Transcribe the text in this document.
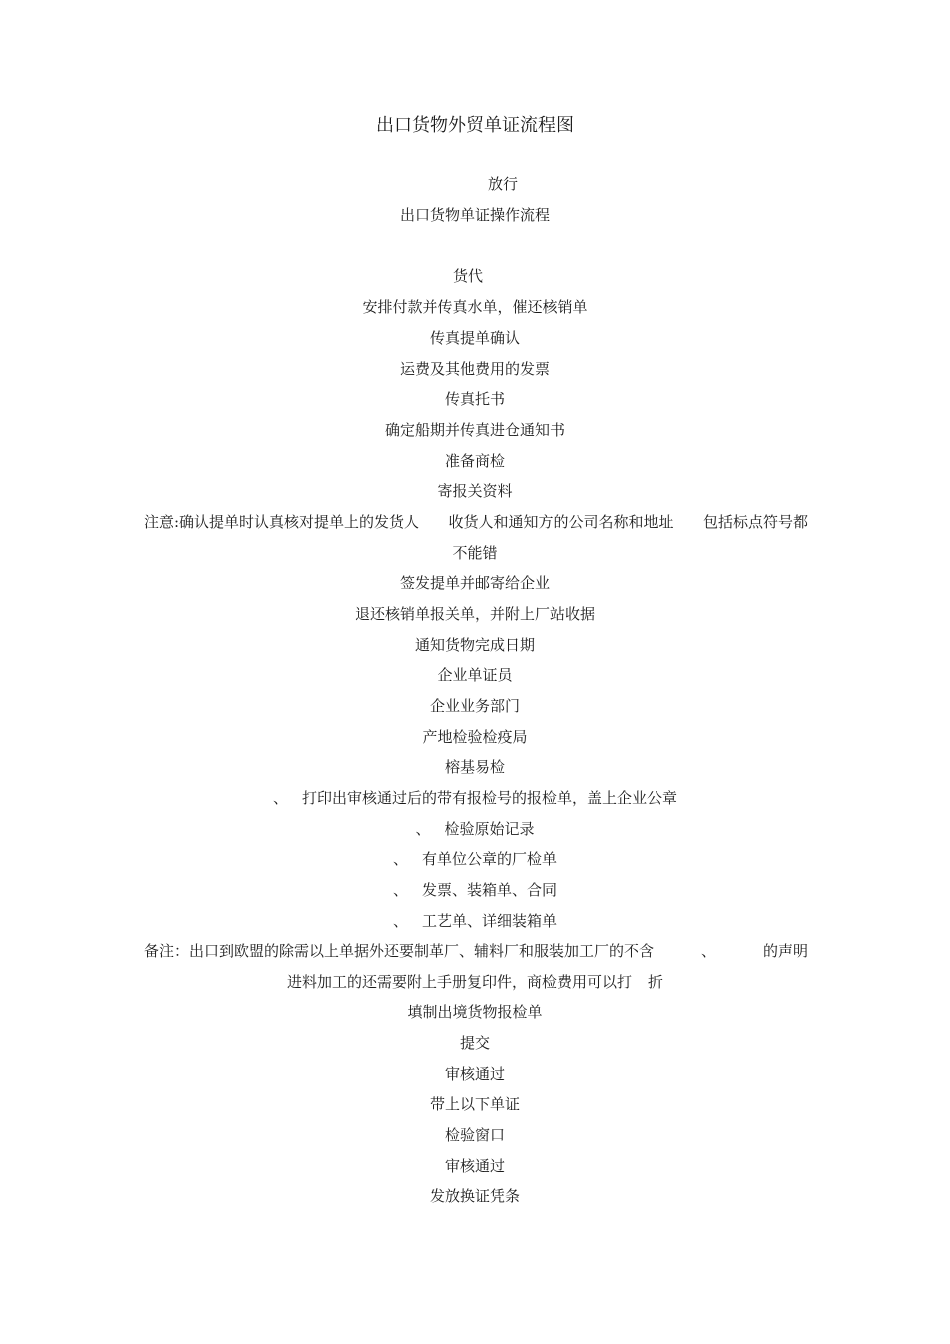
出口货物外贸单证流程图
放行
出口货物单证操作流程
货代
安排付款并传真水单，催还核销单
传真提单确认
运费及其他费用的发票
传真托书
确定船期并传真进仓通知书
准备商检
寄报关资料
注意:确认提单时认真核对提单上的发货人 收货人和通知方的公司名称和地址 包括标点符号都
不能错
签发提单并邮寄给企业
退还核销单报关单，并附上厂站收据
通知货物完成日期
企业单证员
企业业务部门
产地检验检疫局
榕基易检
、 打印出审核通过后的带有报检号的报检单，盖上企业公章
、 检验原始记录
、 有单位公章的厂检单
、 发票、装箱单、合同
、 工艺单、详细装箱单
备注：出口到欧盟的除需以上单据外还要制革厂、辅料厂和服装加工厂的不含	、	的声明
进料加工的还需要附上手册复印件，商检费用可以打 折
填制出境货物报检单
提交
审核通过
带上以下单证
检验窗口
审核通过
发放换证凭条
